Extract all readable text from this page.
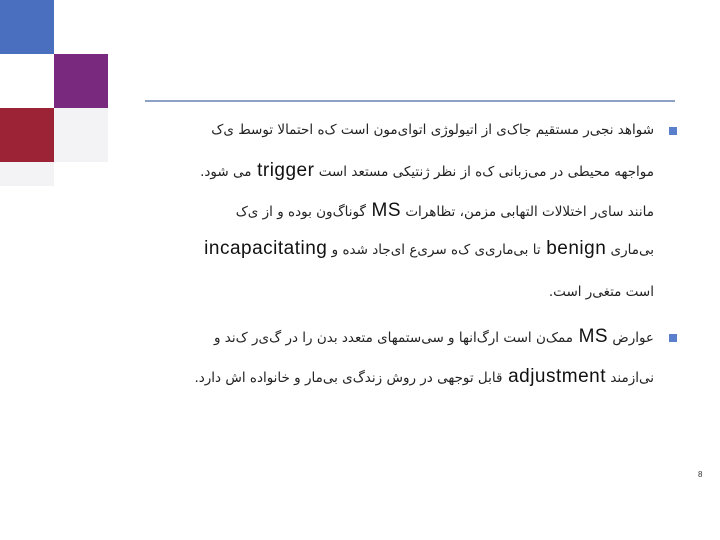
شواهد نجی‌ر مستقیم جاک‌ی از اتیولوژی اتوای‌مون است ک‌ه احتمالا توسط ی‌ک
مواجهه محیطی در می‌زبانی ک‌ه از نظر ژنتیکی مستعد است trigger می شود.
مانند سای‌ر اختلالات التهابی مزمن، تظاهرات MS گوناگ‌ون بوده و از ی‌ک
بی‌ماری benign تا بی‌ماری‌ی ک‌ه سری‌ع ای‌جاد شده و incapacitating
است متغی‌ر است.
عوارض MS ممک‌ن است ارگ‌انها و سی‌ستمهای متعدد بدن را در گ‌ی‌ر ک‌ند و
نی‌ازمند adjustment قابل توجهی در روش زندگ‌ی بی‌مار و خانواده اش دارد.
8
